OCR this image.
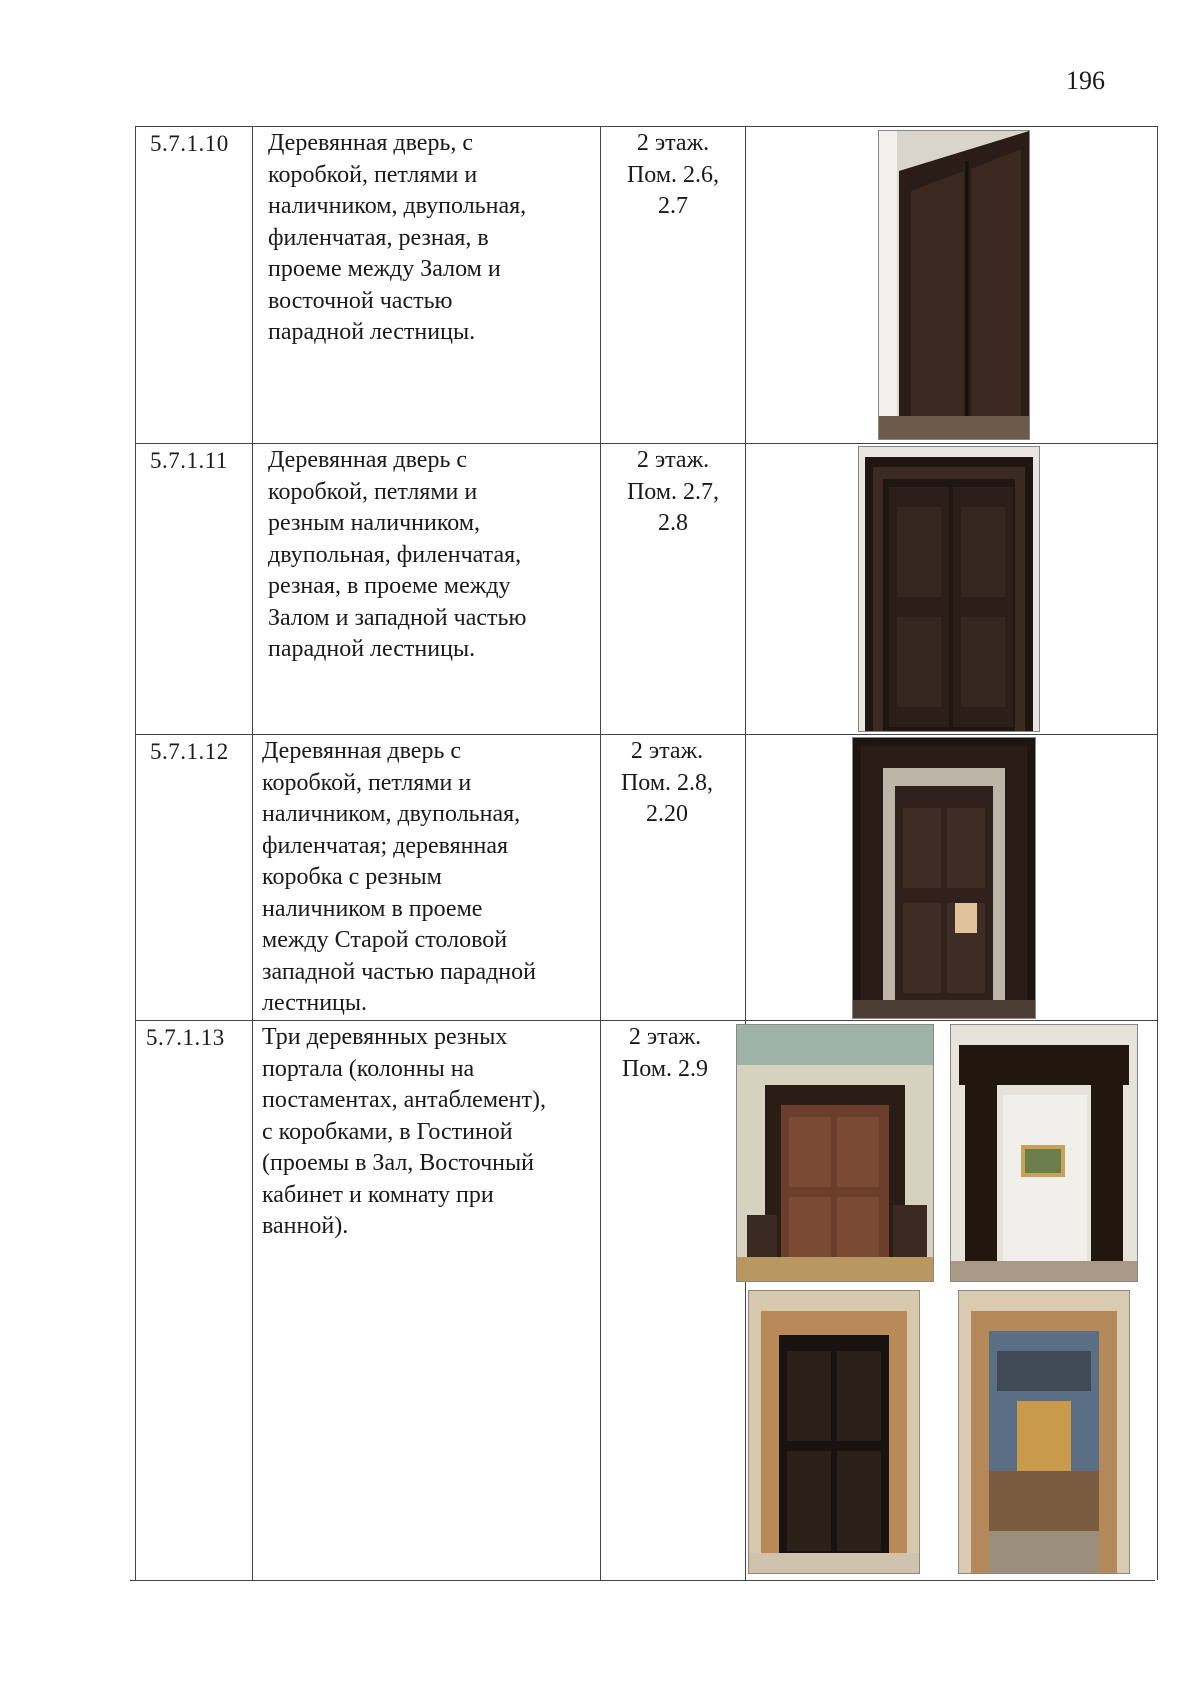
196
5.7.1.10 Деревянная дверь, с
коробкой, петлями и
наличником, двупольная,
филенчатая, резная, в
проеме между Залом и
восточной частью
парадной лестницы.
2 этаж.
Пом. 2.6,
2.7
5.7.1.11 Деревянная дверь с
коробкой, петлями и
резным наличником,
двупольная, филенчатая,
резная, в проеме между
Залом и западной частью
парадной лестницы.
2 этаж.
Пом. 2.7,
2.8
5.7.1.12 Деревянная дверь с
коробкой, петлями и
наличником, двупольная,
филенчатая; деревянная
коробка с резным
наличником в проеме
между Старой столовой
западной частью парадной
лестницы.
2 этаж.
Пом. 2.8,
2.20
5.7.1.13 Три деревянных резных
портала (колонны на
постаментах, антаблемент),
с коробками, в Гостиной
(проемы в Зал, Восточный
кабинет и комнату при
ванной).
2 этаж.
Пом. 2.9
